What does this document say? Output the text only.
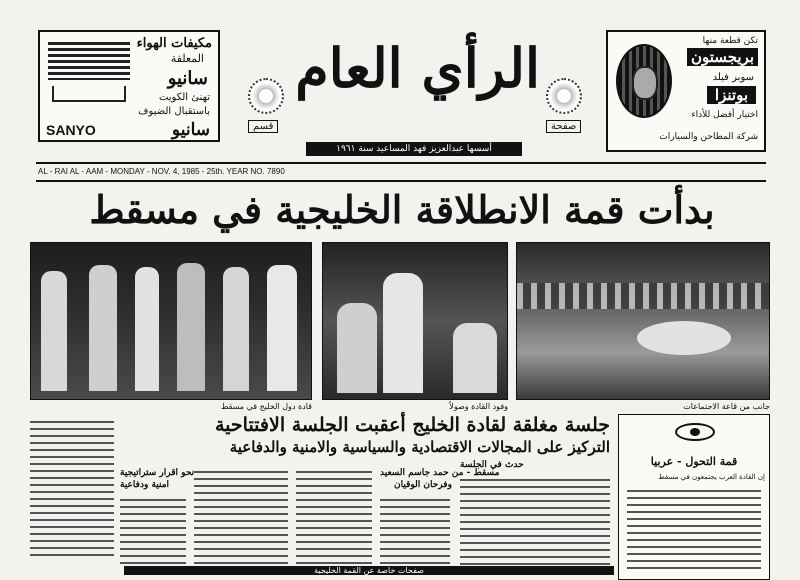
مكيفات الهواء
المعلقة
سانيو
تهنئ الكويت
باستقبال الضيوف
SANYO	سانيو	قسم	صفحة
الرأي العام
أسسها عبدالعزيز فهد المساعيد سنة ١٩٦١
تكن قطعة منها
بريجستون
سوبر فيلد
بوتنزا
اختيار أفضل للأداء
شركة المطاحن والسيارات
AL - RAI AL - AAM - MONDAY - NOV. 4, 1985 - 25th. YEAR NO. 7890
بدأت قمة الانطلاقة الخليجية في مسقط
قادة دول الخليج في مسقط	وفود القادة وصولاً	جانب من قاعة الاجتماعات
جلسة مغلقة لقادة الخليج أعقبت الجلسة الافتتاحية
التركيز على المجالات الاقتصادية والسياسية والامنية والدفاعية
نحو اقرار ستراتيجية
امنية ودفاعية
مسقط - من حمد جاسم السعيد
وفرحان الوقيان
حدث في الجلسة
صفحات خاصة عن القمة الخليجية
قمة التحول - عربيا
إن القادة العرب يجتمعون في مسقط
